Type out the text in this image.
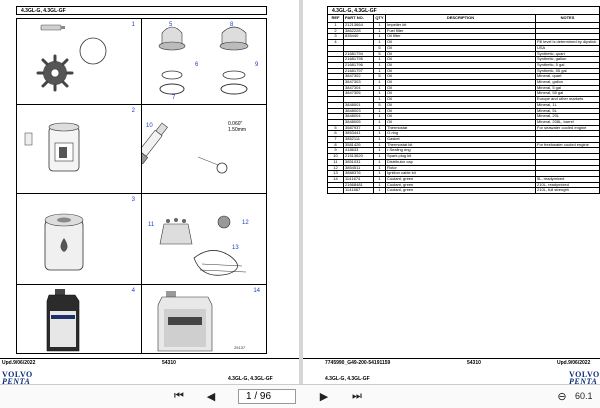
4.3GL-G, 4.3GL-GF
1	5	8
6	9
7
2
10	0.060"
1.50mm
3
11	12
13
4	14
25137
Upd.9/06/2022	54310
4.3GL-G, 4.3GL-GF
VOLVO
PENTA
4.3GL-G, 4.3GL-GF
7745990_G49-200-54191159	54310	Upd.9/06/2022
4.3GL-G, 4.3GL-GF	VOLVO
PENTA
REF	PART NO.	QTY	DESCRIPTION	NOTES
1	21213664	1	Impeller kit	
2	3862228	1	Fuel filter	
3	835440	1	Oil filter	
4		1	Oil	Fill level is determined by dipstick
		5	Oil	USA
	21681794	5	Oil	Synthetic, quart
	21681795	1	Oil	Synthetic, gallon
	21681796	1	Oil	Synthetic, 5 gal
	21681797	1	Oil	Synthetic, 55 gal
	3847302	5	Oil	Mineral, quart
	3847303	1	Oil	Mineral, gallon
	3847304	1	Oil	Mineral, 5 gal
	3847305	1	Oil	Mineral, 55 gal
		1	Oil	Europe and other markets
	3848001	5	Oil	Mineral, 1L
	3848003	1	Oil	Mineral, 5L
	3848004	1	Oil	Mineral, 20L
	3848005	1	Oil	Mineral, 208L, barrel
5	3587937	1	Thermostat	For seawater cooled engine
6	3853441	1	O-ring	
7	3852111	1	Gasket	
8	3581426	1	Thermostat kit	For freshwater cooled engine
9	418633	1	• Sealing ring	
10	21513620	1	Spark plug kit	
11	3851031	1	Distributor cap	
12	3854511	1	Rotor	
13	3888376	1	Ignition cable kit	
14	1141674	1	Coolant, green	5L, readymixed
	21668481	1	Coolant, green	210L, readymixed
	1141667	1	Coolant, green	210L, full strength
⏮	◀
1 / 96	▶	⏭	⊖ 60.1
